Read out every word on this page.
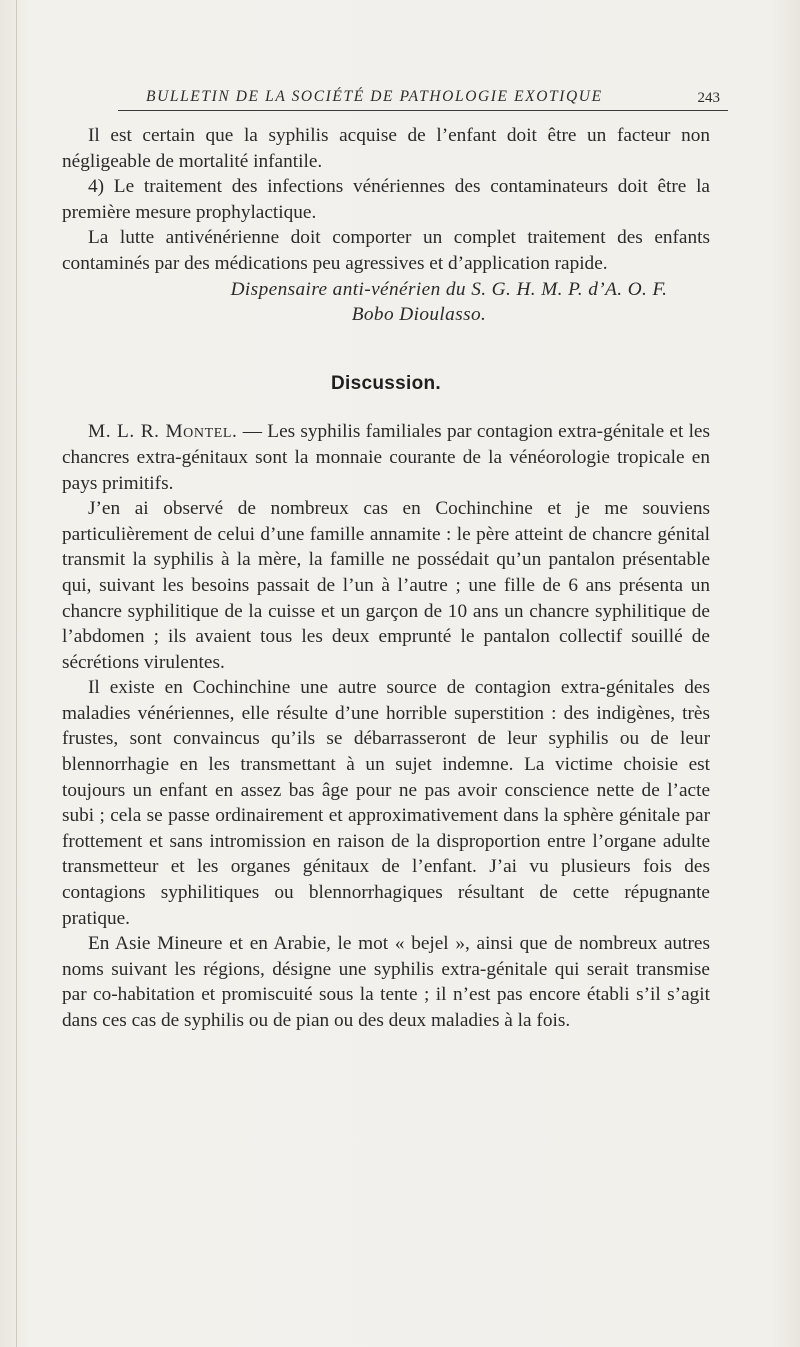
BULLETIN DE LA SOCIÉTÉ DE PATHOLOGIE EXOTIQUE	243

Il est certain que la syphilis acquise de l’enfant doit être un facteur non négligeable de mortalité infantile.

4) Le traitement des infections vénériennes des contaminateurs doit être la première mesure prophylactique.

La lutte antivénérienne doit comporter un complet traitement des enfants contaminés par des médications peu agressives et d’application rapide.

Dispensaire anti-vénérien du S. G. H. M. P. d’A. O. F.

Bobo Dioulasso.

Discussion.

M. L. R. Montel. — Les syphilis familiales par contagion extra-génitale et les chancres extra-génitaux sont la monnaie courante de la vénéorologie tropicale en pays primitifs.

J’en ai observé de nombreux cas en Cochinchine et je me souviens particulièrement de celui d’une famille annamite : le père atteint de chancre génital transmit la syphilis à la mère, la famille ne possédait qu’un pantalon présentable qui, suivant les besoins passait de l’un à l’autre ; une fille de 6 ans présenta un chancre syphilitique de la cuisse et un garçon de 10 ans un chancre syphilitique de l’abdomen ; ils avaient tous les deux emprunté le pantalon collectif souillé de sécrétions virulentes.

Il existe en Cochinchine une autre source de contagion extra-génitales des maladies vénériennes, elle résulte d’une horrible superstition : des indigènes, très frustes, sont convaincus qu’ils se débarrasseront de leur syphilis ou de leur blennorrhagie en les transmettant à un sujet indemne. La victime choisie est toujours un enfant en assez bas âge pour ne pas avoir conscience nette de l’acte subi ; cela se passe ordinairement et approximativement dans la sphère génitale par frottement et sans intromission en raison de la disproportion entre l’organe adulte transmetteur et les organes génitaux de l’enfant. J’ai vu plusieurs fois des contagions syphilitiques ou blennorrhagiques résultant de cette répugnante pratique.

En Asie Mineure et en Arabie, le mot « bejel », ainsi que de nombreux autres noms suivant les régions, désigne une syphilis extra-génitale qui serait transmise par co-habitation et promiscuité sous la tente ; il n’est pas encore établi s’il s’agit dans ces cas de syphilis ou de pian ou des deux maladies à la fois.
